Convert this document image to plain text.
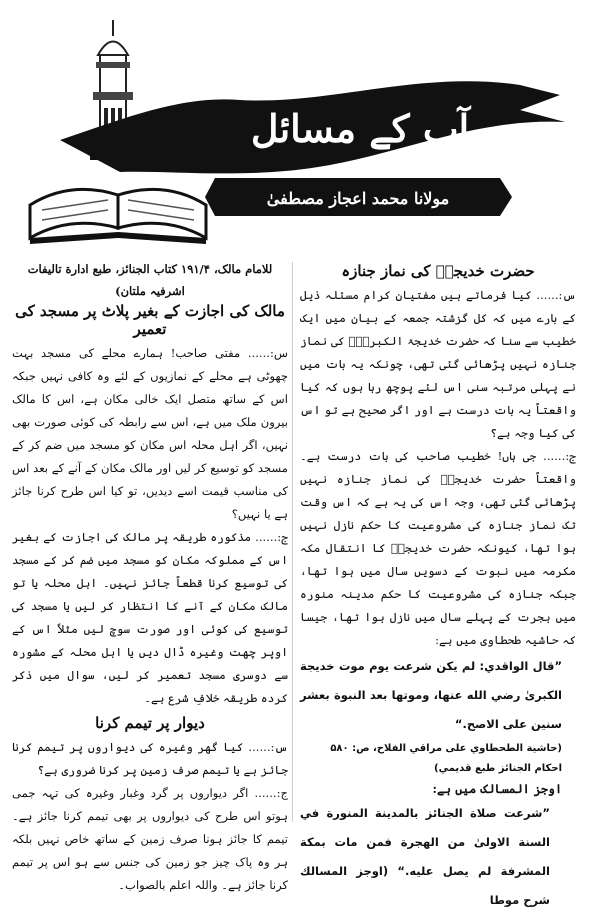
آپ کے مسائل
مولانا محمد اعجاز مصطفیٰ
حضرت خدیجہؓ کی نماز جنازہ

س:...... کیا فرماتے ہیں مفتیانِ کرام مسئلہ ذیل کے بارے میں کہ کل گزشتہ جمعہ کے بیان میں ایک خطیب سے سنا کہ حضرت خدیجۃ الکبریٰؓ کی نماز جنازہ نہیں پڑھائی گئی تھی، چونکہ یہ بات میں نے پہلی مرتبہ سنی اس لئے پوچھ رہا ہوں کہ کیا واقعتاً یہ بات درست ہے اور اگر صحیح ہے تو اس کی کیا وجہ ہے؟

ج:...... جی ہاں! خطیب صاحب کی بات درست ہے۔ واقعتاً حضرت خدیجہؓ کی نماز جنازہ نہیں پڑھائی گئی تھی، وجہ اس کی یہ ہے کہ اس وقت تک نماز جنازہ کی مشروعیت کا حکم نازل نہیں ہوا تھا، کیونکہ حضرت خدیجہؓ کا انتقال مکہ مکرمہ میں نبوت کے دسویں سال میں ہوا تھا، جبکہ جنازہ کی مشروعیت کا حکم مدینہ منورہ میں ہجرت کے پہلے سال میں نازل ہوا تھا، جیسا کہ حاشیہ طحطاوی میں ہے:

”قال الواقدي: لم يكن شرعت يوم موت خديجة الكبرىٰ رضي الله عنها، وموتها بعد النبوة بعشر سنين على الاصح.“

(حاشية الطحطاوي على مراقي الفلاح، ص: ۵۸۰

احكام الجنائز طبع قديمي)

اوجز المسالک میں ہے:

”شرعت صلاة الجنائز بالمدينة المنورة في السنة الاولىٰ من الهجرة فمن مات بمكة المشرفة لم يصل عليه.“ (اوجز المسالك شرح موطا

للامام مالک، ۱۹۱/۴ کتاب الجنائز، طبع ادارة تالیفات اشرفیہ ملتان)

مالک کی اجازت کے بغیر پلاٹ پر مسجد کی تعمیر

س:...... مفتی صاحب! ہمارے محلے کی مسجد بہت چھوٹی ہے محلے کے نمازیوں کے لئے وہ کافی نہیں جبکہ اس کے ساتھ متصل ایک خالی مکان ہے، اس کا مالک بیرون ملک میں ہے، اس سے رابطہ کی کوئی صورت بھی نہیں، اگر اہل محلہ اس مکان کو مسجد میں ضم کر کے مسجد کو توسیع کر لیں اور مالک مکان کے آنے کے بعد اس کی مناسب قیمت اسے دیدیں، تو کیا اس طرح کرنا جائز ہے یا نہیں؟

ج:...... مذکورہ طریقہ پر مالک کی اجازت کے بغیر اس کے مملوکہ مکان کو مسجد میں ضم کر کے مسجد کی توسیع کرنا قطعاً جائز نہیں۔ اہل محلہ یا تو مالک مکان کے آنے کا انتظار کر لیں یا مسجد کی توسیع کی کوئی اور صورت سوچ لیں مثلاً اس کے اوپر چھت وغیرہ ڈال دیں یا اہل محلہ کے مشورہ سے دوسری مسجد تعمیر کر لیں، سوال میں ذکر کردہ طریقہ خلافِ شرع ہے۔

دیوار پر تیمم کرنا

س:...... کیا گھر وغیرہ کی دیواروں پر تیمم کرنا جائز ہے یا تیمم صرف زمین پر کرنا ضروری ہے؟

ج:...... اگر دیواروں پر گرد وغبار وغیرہ کی تہہ جمی ہوتو اس طرح کی دیواروں پر بھی تیمم کرنا جائز ہے۔ تیمم کا جائز ہونا صرف زمین کے ساتھ خاص نہیں بلکہ ہر وہ پاک چیز جو زمین کی جنس سے ہو اس پر تیمم کرنا جائز ہے۔ واللہ اعلم بالصواب۔
